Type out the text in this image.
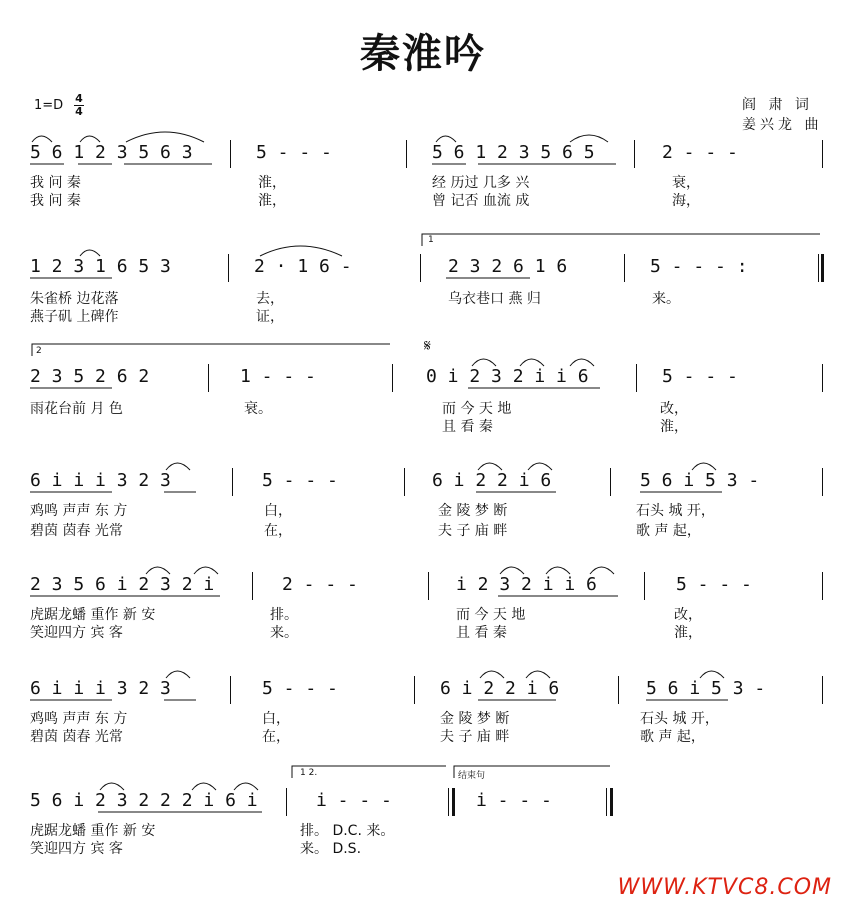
秦淮吟
1=D 4
4	阎 肃 词
姜兴龙 曲
5 6 1 2 3 5 6 3	5 - - -	5 6 1 2 3 5 6 5	2 - - -
我 问 秦	淮，	经 历过 几多 兴	衰，
我 问 秦	淮，	曾 记否 血流 成	海，
1 2 3 1 6 5 3	2 · 1 6 -	2 3 2 6 1 6	5 - - - :
朱雀桥 边花落	去，	乌衣巷口 燕 归	来。
燕子矶 上碑作	证，
1
2 3 5 2 6 2	1 - - -	0 i 2 3 2 i i 6	5 - - -
雨花台前 月 色	衰。	而 今 天 地	改，
且 看 秦	淮，
2	𝄋
6 i i i 3 2 3	5 - - -	6 i 2 2 i 6	5 6 i 5 3 -
鸡鸣 声声 东 方	白，	金 陵 梦 断	石头 城 开，
碧茵 茵春 光常	在，	夫 子 庙 畔	歌 声 起，
2 3 5 6 i 2 3 2 i	2 - - -	i 2 3 2 i i 6	5 - - -
虎踞龙蟠 重作 新 安	排。	而 今 天 地	改，
笑迎四方 宾 客	来。	且 看 秦	淮，
6 i i i 3 2 3	5 - - -	6 i 2 2 i 6	5 6 i 5 3 -
鸡鸣 声声 东 方	白，	金 陵 梦 断	石头 城 开，
碧茵 茵春 光常	在，	夫 子 庙 畔	歌 声 起，
5 6 i 2 3 2 2 2 i 6 i	i - - -	i - - -
虎踞龙蟠 重作 新 安	排。 D.C. 来。
笑迎四方 宾 客	来。 D.S.
1 2.	结束句
WWW.KTVC8.COM
